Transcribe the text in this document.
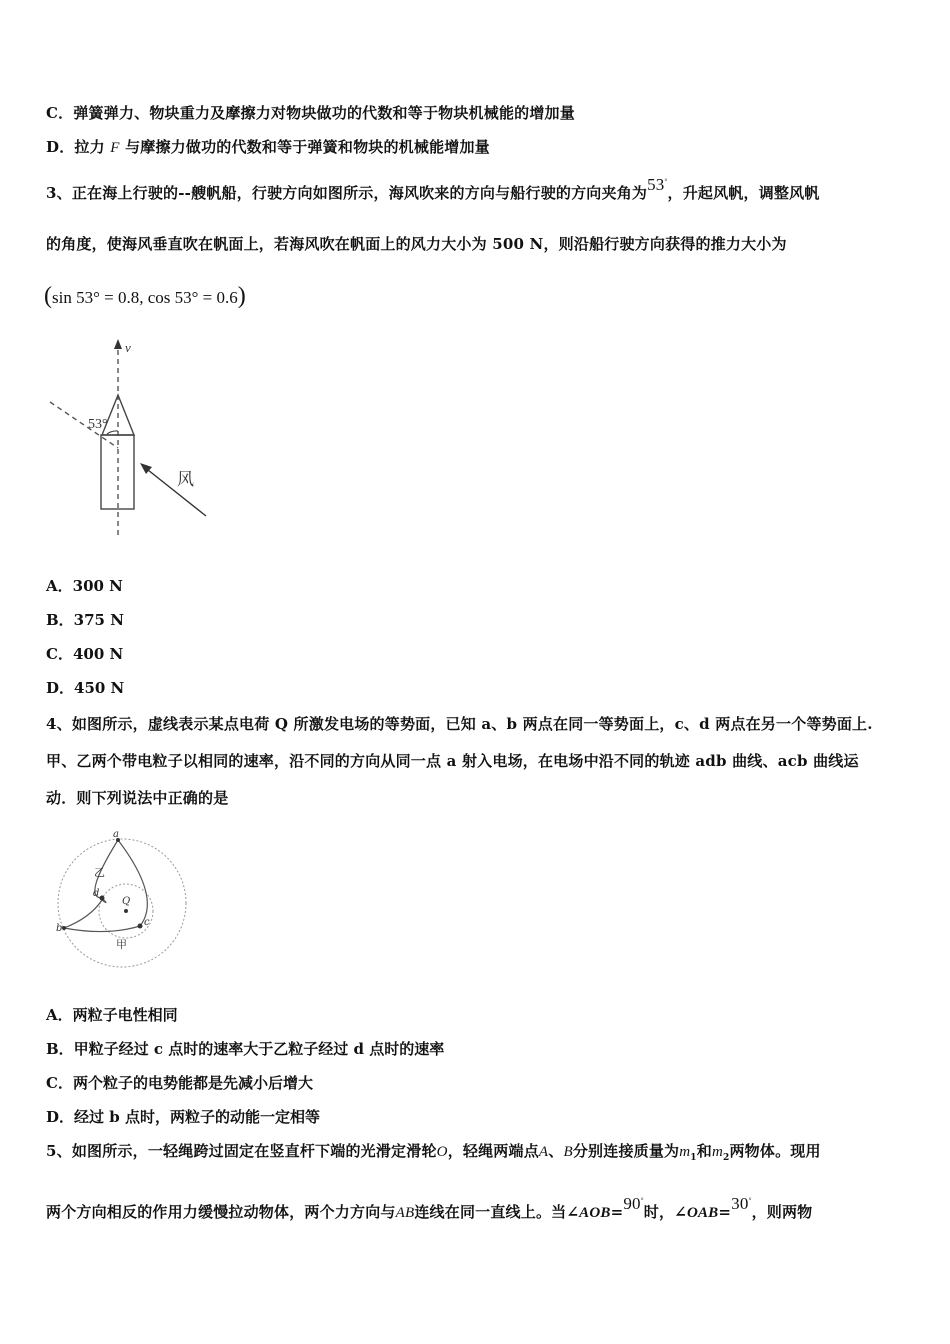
C．弹簧弹力、物块重力及摩擦力对物块做功的代数和等于物块机械能的增加量
D．拉力 F 与摩擦力做功的代数和等于弹簧和物块的机械能增加量
3、正在海上行驶的--艘帆船，行驶方向如图所示，海风吹来的方向与船行驶的方向夹角为53°，升起风帆，调整风帆
的角度，使海风垂直吹在帆面上，若海风吹在帆面上的风力大小为 500 N，则沿船行驶方向获得的推力大小为
(sin 53° = 0.8, cos 53° = 0.6)
v
53°
风
A．300 N
B．375 N
C．400 N
D．450 N
4、如图所示，虚线表示某点电荷 Q 所激发电场的等势面，已知 a、b 两点在同一等势面上，c、d 两点在另一个等势面上.
甲、乙两个带电粒子以相同的速率，沿不同的方向从同一点 a 射入电场，在电场中沿不同的轨迹 adb 曲线、acb 曲线运
动．则下列说法中正确的是
a
b
c
d
Q
乙
甲
A．两粒子电性相同
B．甲粒子经过 c 点时的速率大于乙粒子经过 d 点时的速率
C．两个粒子的电势能都是先减小后增大
D．经过 b 点时，两粒子的动能一定相等
5、如图所示，一轻绳跨过固定在竖直杆下端的光滑定滑轮O，轻绳两端点A、B分别连接质量为$m_1$和$m_2$两物体。现用
两个方向相反的作用力缓慢拉动物体，两个力方向与AB连线在同一直线上。当∠AOB=90°时，∠OAB=30°，则两物
